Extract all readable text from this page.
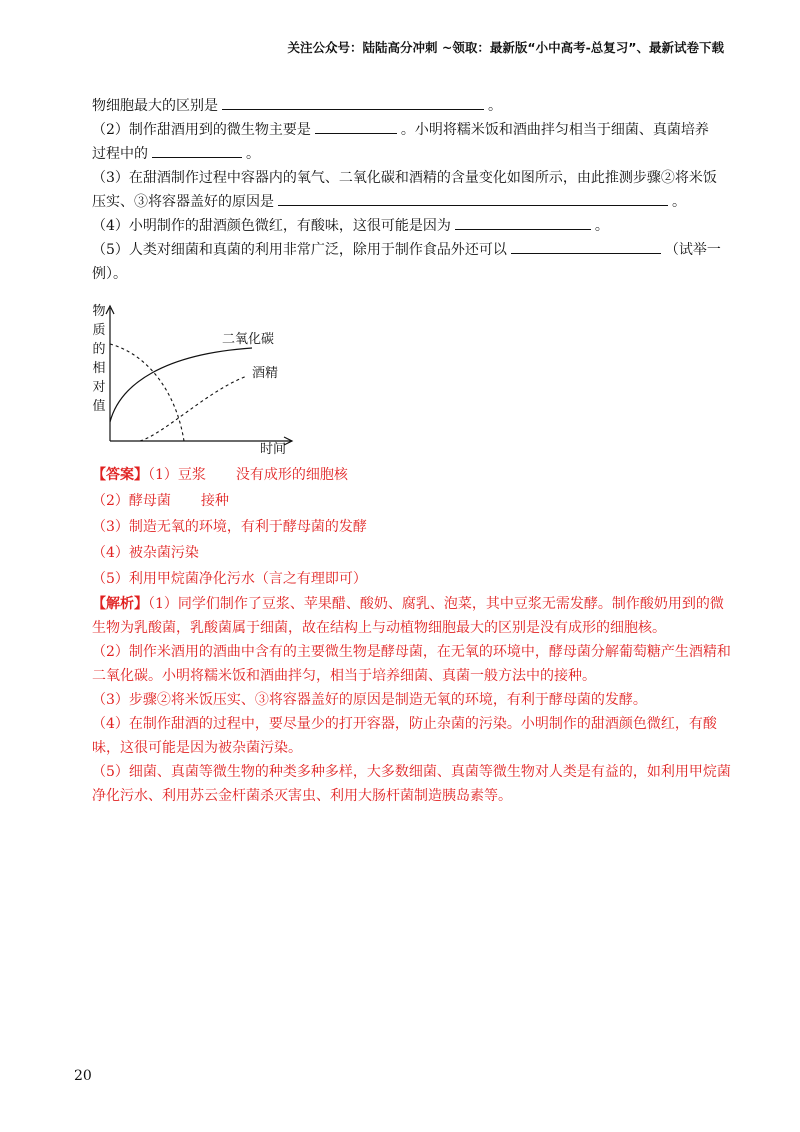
关注公众号：陆陆高分冲刺 ~领取：最新版“小中高考-总复习”、最新试卷下载

物细胞最大的区别是	。

（2）制作甜酒用到的微生物主要是	。小明将糯米饭和酒曲拌匀相当于细菌、真菌培养

过程中的	。

（3）在甜酒制作过程中容器内的氧气、二氧化碳和酒精的含量变化如图所示，由此推测步骤②将米饭

压实、③将容器盖好的原因是	。

（4）小明制作的甜酒颜色微红，有酸味，这很可能是因为	。

（5）人类对细菌和真菌的利用非常广泛，除用于制作食品外还可以	（试举一

例）。

物
质
的
相
对
值
二氧化碳
酒精
时间

【答案】（1）豆浆 没有成形的细胞核

（2）酵母菌 接种

（3）制造无氧的环境，有利于酵母菌的发酵

（4）被杂菌污染

（5）利用甲烷菌净化污水（言之有理即可）

【解析】（1）同学们制作了豆浆、苹果醋、酸奶、腐乳、泡菜，其中豆浆无需发酵。制作酸奶用到的微生物为乳酸菌，乳酸菌属于细菌，故在结构上与动植物细胞最大的区别是没有成形的细胞核。

（2）制作米酒用的酒曲中含有的主要微生物是酵母菌，在无氧的环境中，酵母菌分解葡萄糖产生酒精和二氧化碳。小明将糯米饭和酒曲拌匀，相当于培养细菌、真菌一般方法中的接种。

（3）步骤②将米饭压实、③将容器盖好的原因是制造无氧的环境，有利于酵母菌的发酵。

（4）在制作甜酒的过程中，要尽量少的打开容器，防止杂菌的污染。小明制作的甜酒颜色微红，有酸味，这很可能是因为被杂菌污染。

（5）细菌、真菌等微生物的种类多种多样，大多数细菌、真菌等微生物对人类是有益的，如利用甲烷菌净化污水、利用苏云金杆菌杀灭害虫、利用大肠杆菌制造胰岛素等。

20
